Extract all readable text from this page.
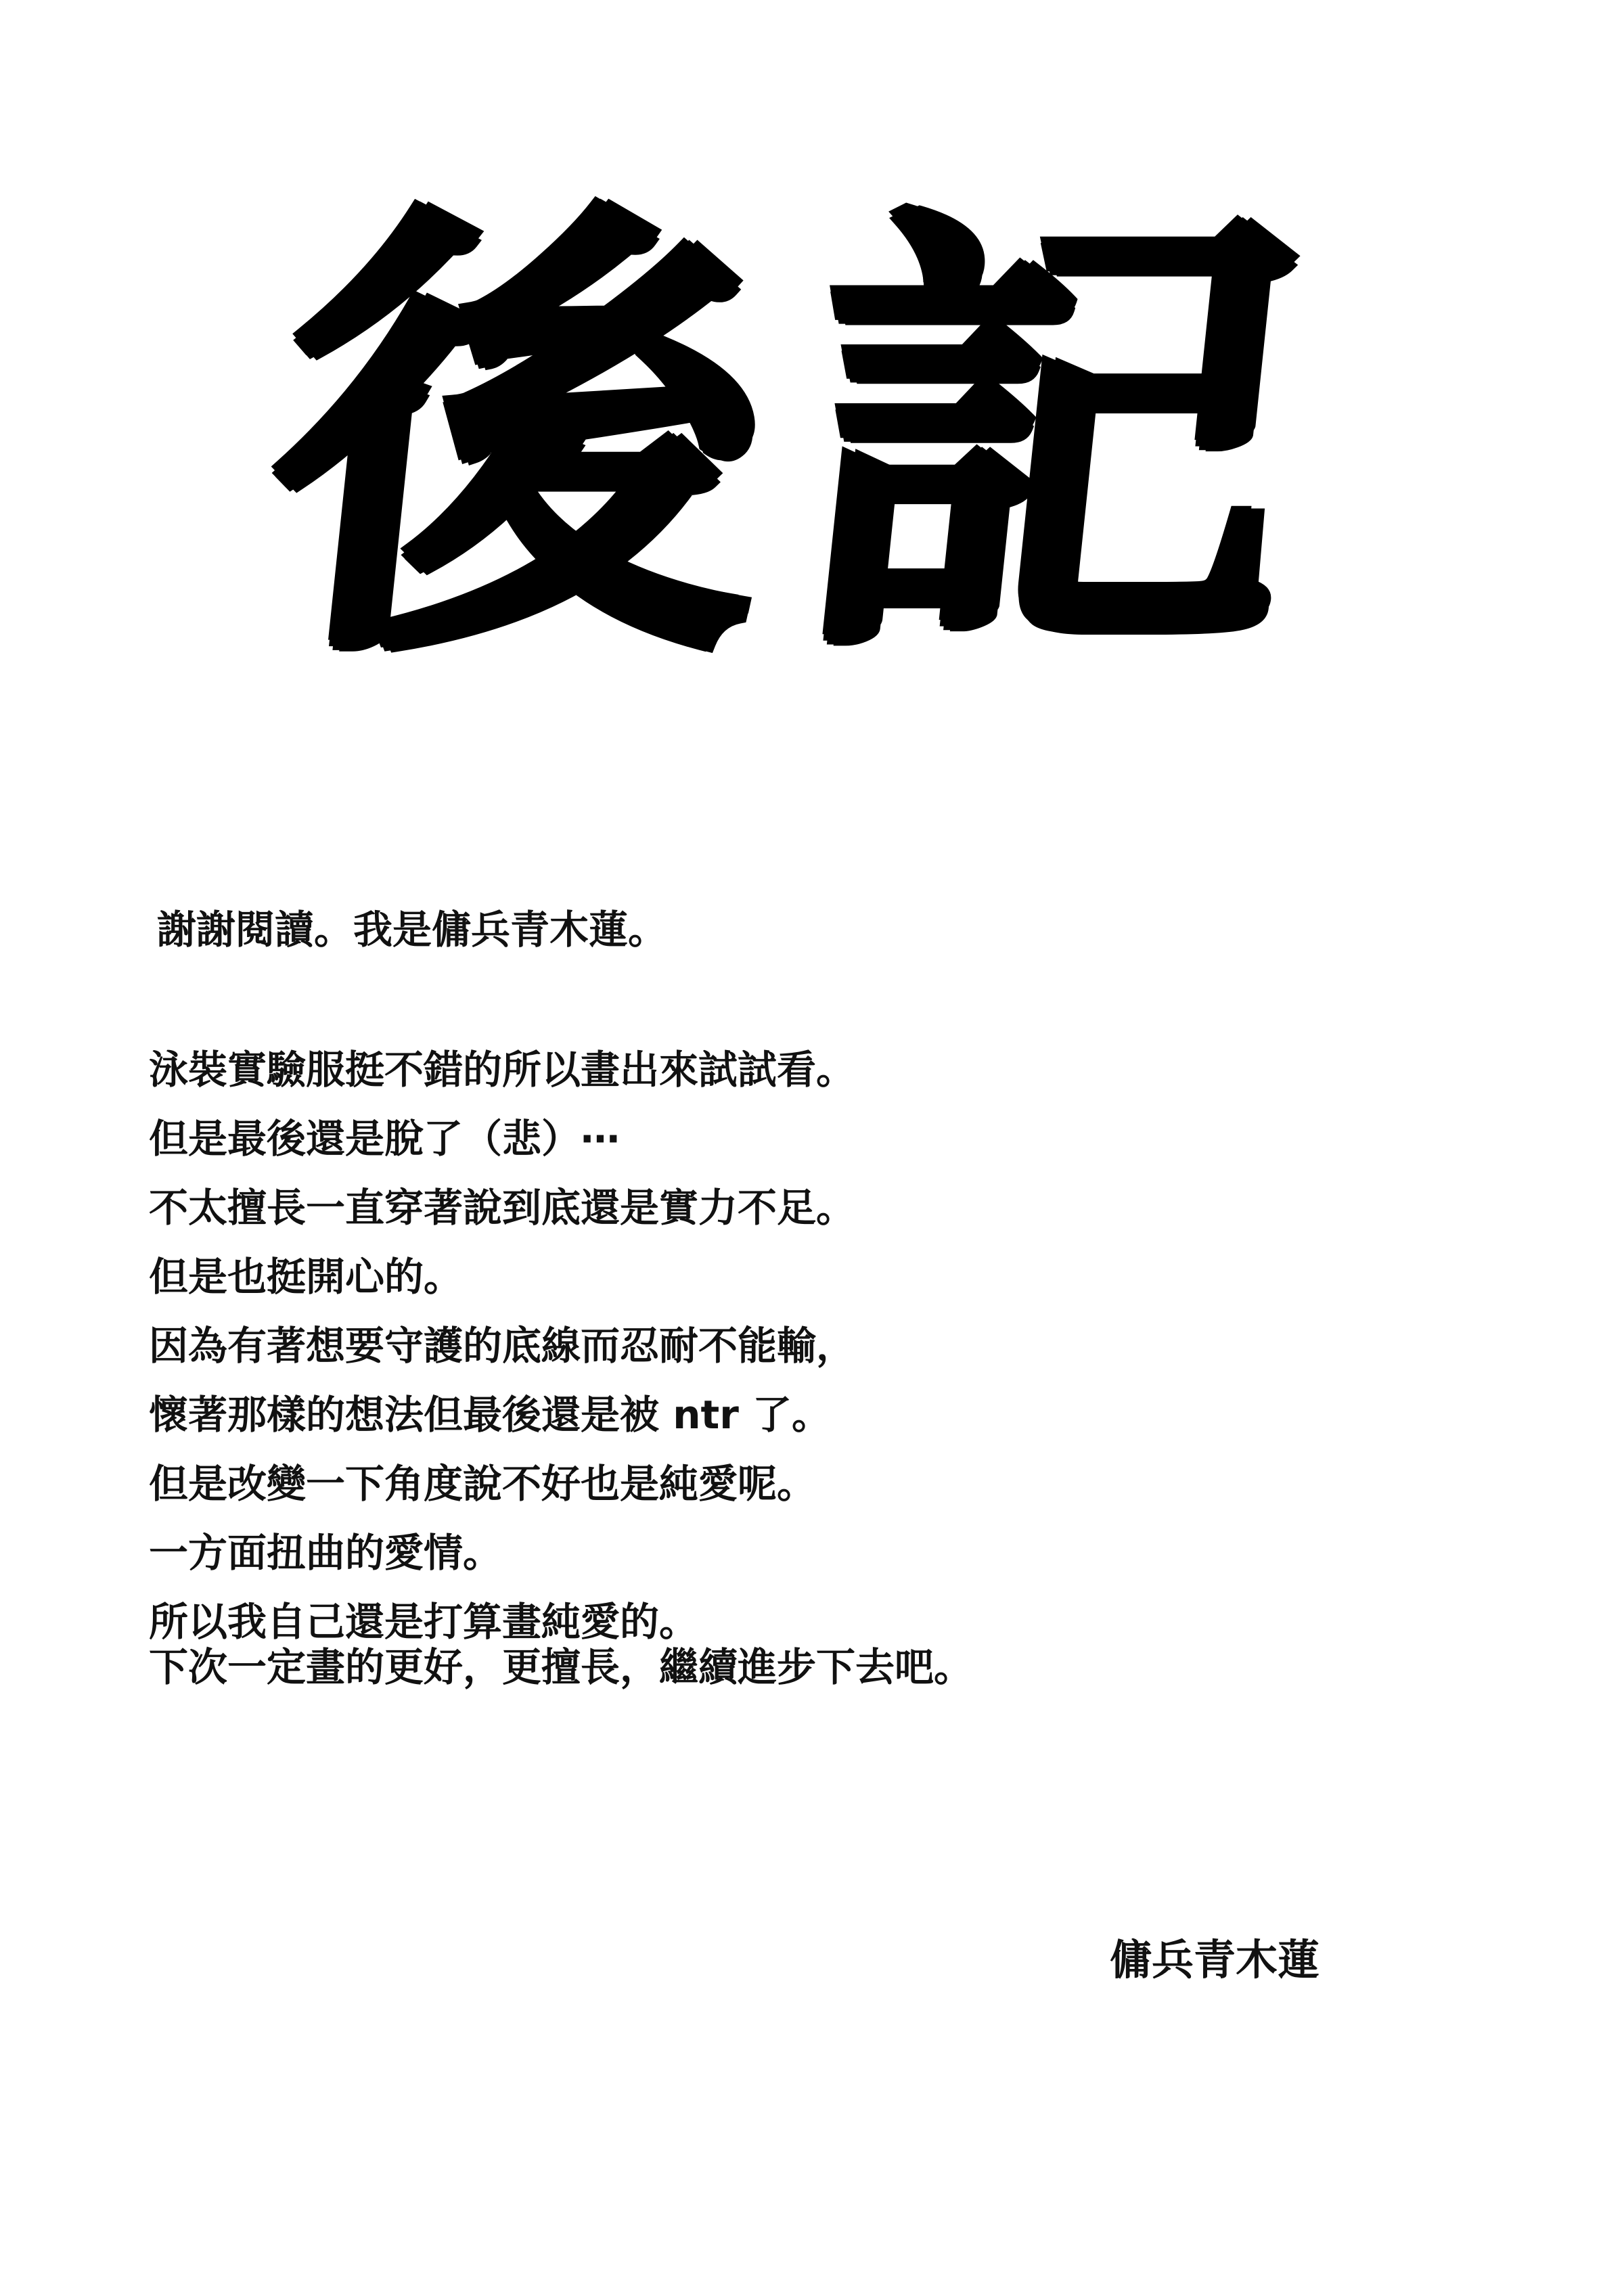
後記
謝謝閱讀。我是傭兵青木蓮。
泳裝實驗服挺不錯的所以畫出來試試看。
但是最後還是脫了（悲）⋯
不太擅長一直穿著說到底還是實力不足。
但是也挺開心的。
因為有著想要守護的底線而忍耐不能輸，
懷著那樣的想法但最後還是被 ntr 了。
但是改變一下角度說不好也是純愛呢。
一方面扭曲的愛情。
所以我自己還是打算畫純愛的。
下次一定畫的更好，更擅長，繼續進步下去吧。
傭兵青木蓮
